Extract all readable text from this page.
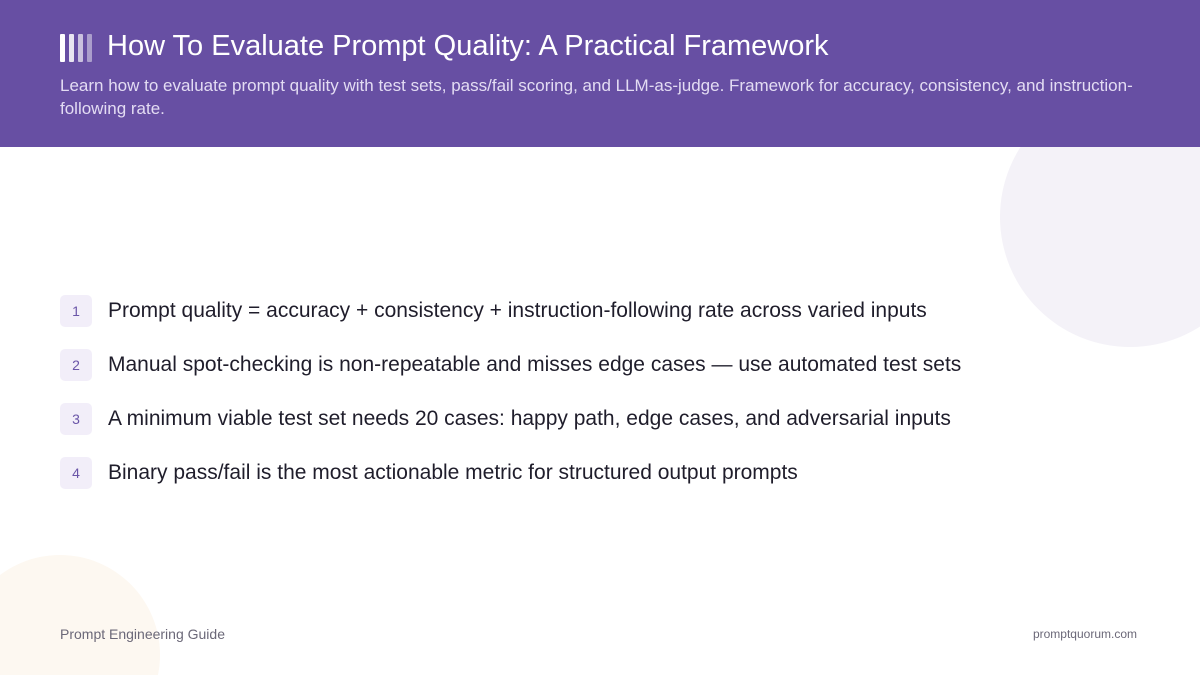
How To Evaluate Prompt Quality: A Practical Framework

Learn how to evaluate prompt quality with test sets, pass/fail scoring, and LLM-as-judge. Framework for accuracy, consistency, and instruction-following rate.

1	Prompt quality = accuracy + consistency + instruction-following rate across varied inputs
2	Manual spot-checking is non-repeatable and misses edge cases — use automated test sets
3	A minimum viable test set needs 20 cases: happy path, edge cases, and adversarial inputs
4	Binary pass/fail is the most actionable metric for structured output prompts
Prompt Engineering Guide	promptquorum.com
